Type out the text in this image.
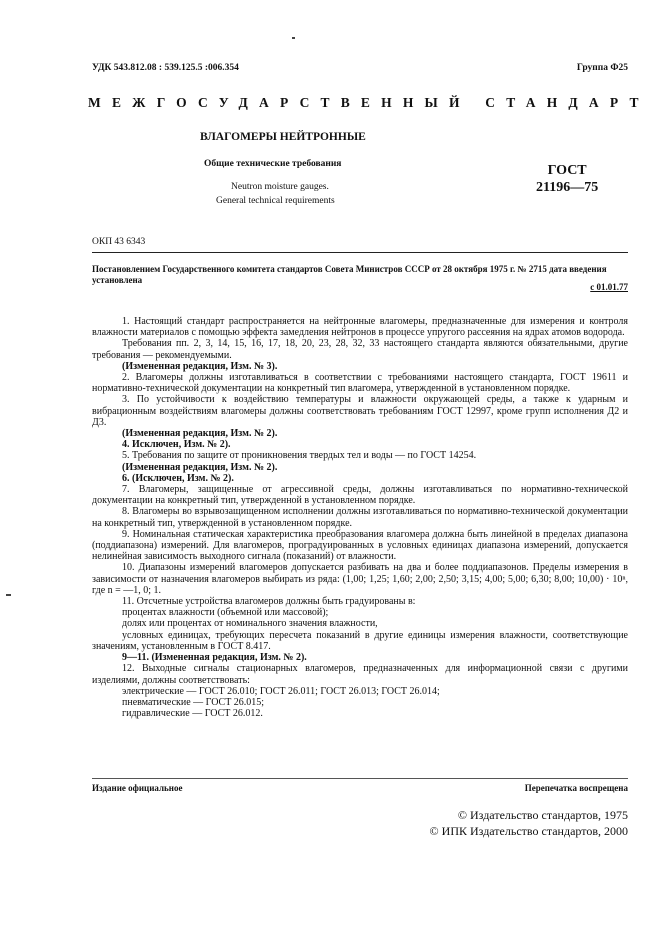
УДК 543.812.08 : 539.125.5 :006.354	Группа Ф25
МЕЖГОСУДАРСТВЕННЫЙ СТАНДАРТ
ВЛАГОМЕРЫ НЕЙТРОННЫЕ
Общие технические требования	ГОСТ
21196—75
Neutron moisture gauges.
General technical requirements
ОКП 43 6343
Постановлением Государственного комитета стандартов Совета Министров СССР от 28 октября 1975 г. № 2715 дата введения установлена
с 01.01.77

1. Настоящий стандарт распространяется на нейтронные влагомеры, предназначенные для измерения и контроля влажности материалов с помощью эффекта замедления нейтронов в процессе упругого рассеяния на ядрах атомов водорода.

Требования пп. 2, 3, 14, 15, 16, 17, 18, 20, 23, 28, 32, 33 настоящего стандарта являются обязательными, другие требования — рекомендуемыми.

(Измененная редакция, Изм. № 3).

2. Влагомеры должны изготавливаться в соответствии с требованиями настоящего стандарта, ГОСТ 19611 и нормативно-технической документации на конкретный тип влагомера, утвержденной в установленном порядке.

3. По устойчивости к воздействию температуры и влажности окружающей среды, а также к ударным и вибрационным воздействиям влагомеры должны соответствовать требованиям ГОСТ 12997, кроме групп исполнения Д2 и Д3.

(Измененная редакция, Изм. № 2).

4. Исключен, Изм. № 2).

5. Требования по защите от проникновения твердых тел и воды — по ГОСТ 14254.

(Измененная редакция, Изм. № 2).

6. (Исключен, Изм. № 2).

7. Влагомеры, защищенные от агрессивной среды, должны изготавливаться по нормативно-технической документации на конкретный тип, утвержденной в установленном порядке.

8. Влагомеры во взрывозащищенном исполнении должны изготавливаться по нормативно-технической документации на конкретный тип, утвержденной в установленном порядке.

9. Номинальная статическая характеристика преобразования влагомера должна быть линейной в пределах диапазона (поддиапазона) измерений. Для влагомеров, проградуированных в условных единицах диапазона измерений, допускается нелинейная зависимость выходного сигнала (показаний) от влажности.

10. Диапазоны измерений влагомеров допускается разбивать на два и более поддиапазонов. Пределы измерения в зависимости от назначения влагомеров выбирать из ряда: (1,00; 1,25; 1,60; 2,00; 2,50; 3,15; 4,00; 5,00; 6,30; 8,00; 10,00) · 10ⁿ, где n = —1, 0; 1.

11. Отсчетные устройства влагомеров должны быть градуированы в:

процентах влажности (объемной или массовой);

долях или процентах от номинального значения влажности,

условных единицах, требующих пересчета показаний в другие единицы измерения влажности, соответствующие значениям, установленным в ГОСТ 8.417.

9—11. (Измененная редакция, Изм. № 2).

12. Выходные сигналы стационарных влагомеров, предназначенных для информационной связи с другими изделиями, должны соответствовать:

электрические — ГОСТ 26.010; ГОСТ 26.011; ГОСТ 26.013; ГОСТ 26.014;

пневматические — ГОСТ 26.015;

гидравлические — ГОСТ 26.012.

Издание официальное	Перепечатка воспрещена
© Издательство стандартов, 1975
© ИПК Издательство стандартов, 2000
